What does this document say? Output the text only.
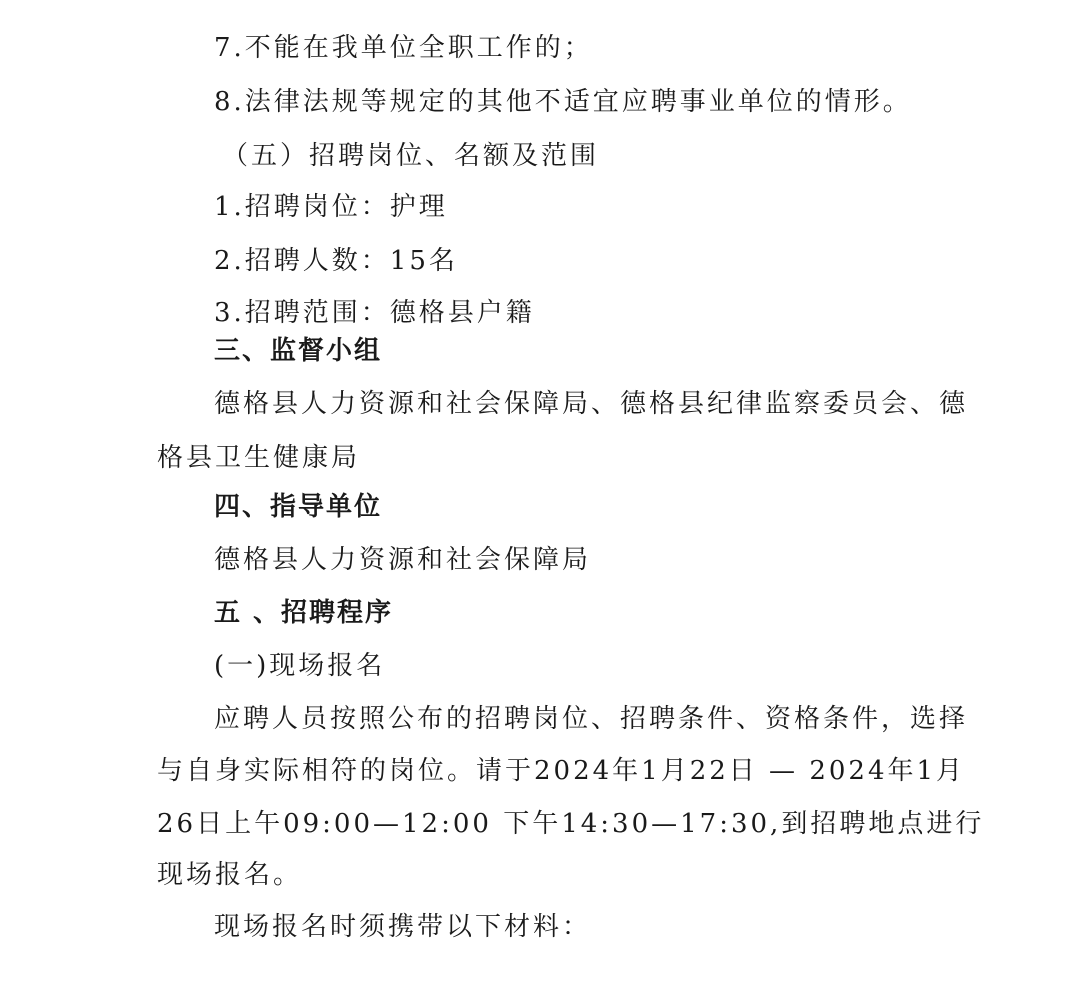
7.不能在我单位全职工作的；
8.法律法规等规定的其他不适宜应聘事业单位的情形。
（五）招聘岗位、名额及范围
1.招聘岗位：护理
2.招聘人数：15名
3.招聘范围：德格县户籍
三、监督小组
德格县人力资源和社会保障局、德格县纪律监察委员会、德
格县卫生健康局
四、指导单位
德格县人力资源和社会保障局
五 、招聘程序
(一)现场报名
应聘人员按照公布的招聘岗位、招聘条件、资格条件，选择
与自身实际相符的岗位。请于2024年1月22日 — 2024年1月
26日上午09:00—12:00 下午14:30—17:30,到招聘地点进行
现场报名。
现场报名时须携带以下材料：
